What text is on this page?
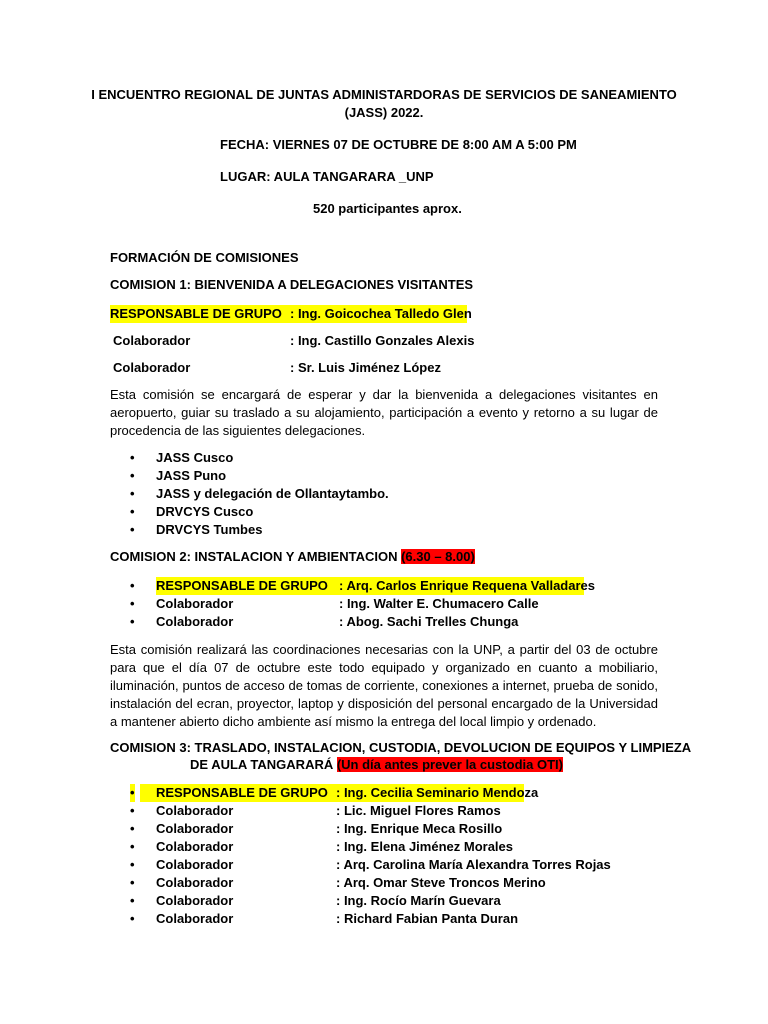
I ENCUENTRO REGIONAL DE JUNTAS ADMINISTARDORAS DE SERVICIOS DE SANEAMIENTO
(JASS) 2022.
FECHA: VIERNES 07 DE OCTUBRE DE 8:00 AM A 5:00 PM
LUGAR: AULA TANGARARA _UNP
520 participantes aprox.
FORMACIÓN DE COMISIONES
COMISION 1: BIENVENIDA A DELEGACIONES VISITANTES
RESPONSABLE DE GRUPO : Ing. Goicochea Talledo Glen
Colaborador	: Ing. Castillo Gonzales Alexis
Colaborador	: Sr. Luis Jiménez López
Esta comisión se encargará de esperar y dar la bienvenida a delegaciones visitantes en aeropuerto, guiar su traslado a su alojamiento, participación a evento y retorno a su lugar de procedencia de las siguientes delegaciones.
• JASS Cusco
• JASS Puno
• JASS y delegación de Ollantaytambo.
• DRVCYS Cusco
• DRVCYS Tumbes
COMISION 2: INSTALACION Y AMBIENTACION (6.30 – 8.00)
• RESPONSABLE DE GRUPO : Arq. Carlos Enrique Requena Valladares
• Colaborador	: Ing. Walter E. Chumacero Calle
• Colaborador	: Abog. Sachi Trelles Chunga
Esta comisión realizará las coordinaciones necesarias con la UNP, a partir del 03 de octubre para que el día 07 de octubre este todo equipado y organizado en cuanto a mobiliario, iluminación, puntos de acceso de tomas de corriente, conexiones a internet, prueba de sonido, instalación del ecran, proyector, laptop y disposición del personal encargado de la Universidad a mantener abierto dicho ambiente así mismo la entrega del local limpio y ordenado.
COMISION 3: TRASLADO, INSTALACION, CUSTODIA, DEVOLUCION DE EQUIPOS Y LIMPIEZA
DE AULA TANGARARÁ (Un día antes prever la custodia OTI)
•	RESPONSABLE DE GRUPO : Ing. Cecilia Seminario Mendoza
• Colaborador	: Lic. Miguel Flores Ramos
• Colaborador	: Ing. Enrique Meca Rosillo
• Colaborador	: Ing. Elena Jiménez Morales
• Colaborador	: Arq. Carolina María Alexandra Torres Rojas
• Colaborador	: Arq. Omar Steve Troncos Merino
• Colaborador	: Ing. Rocío Marín Guevara
• Colaborador	: Richard Fabian Panta Duran
